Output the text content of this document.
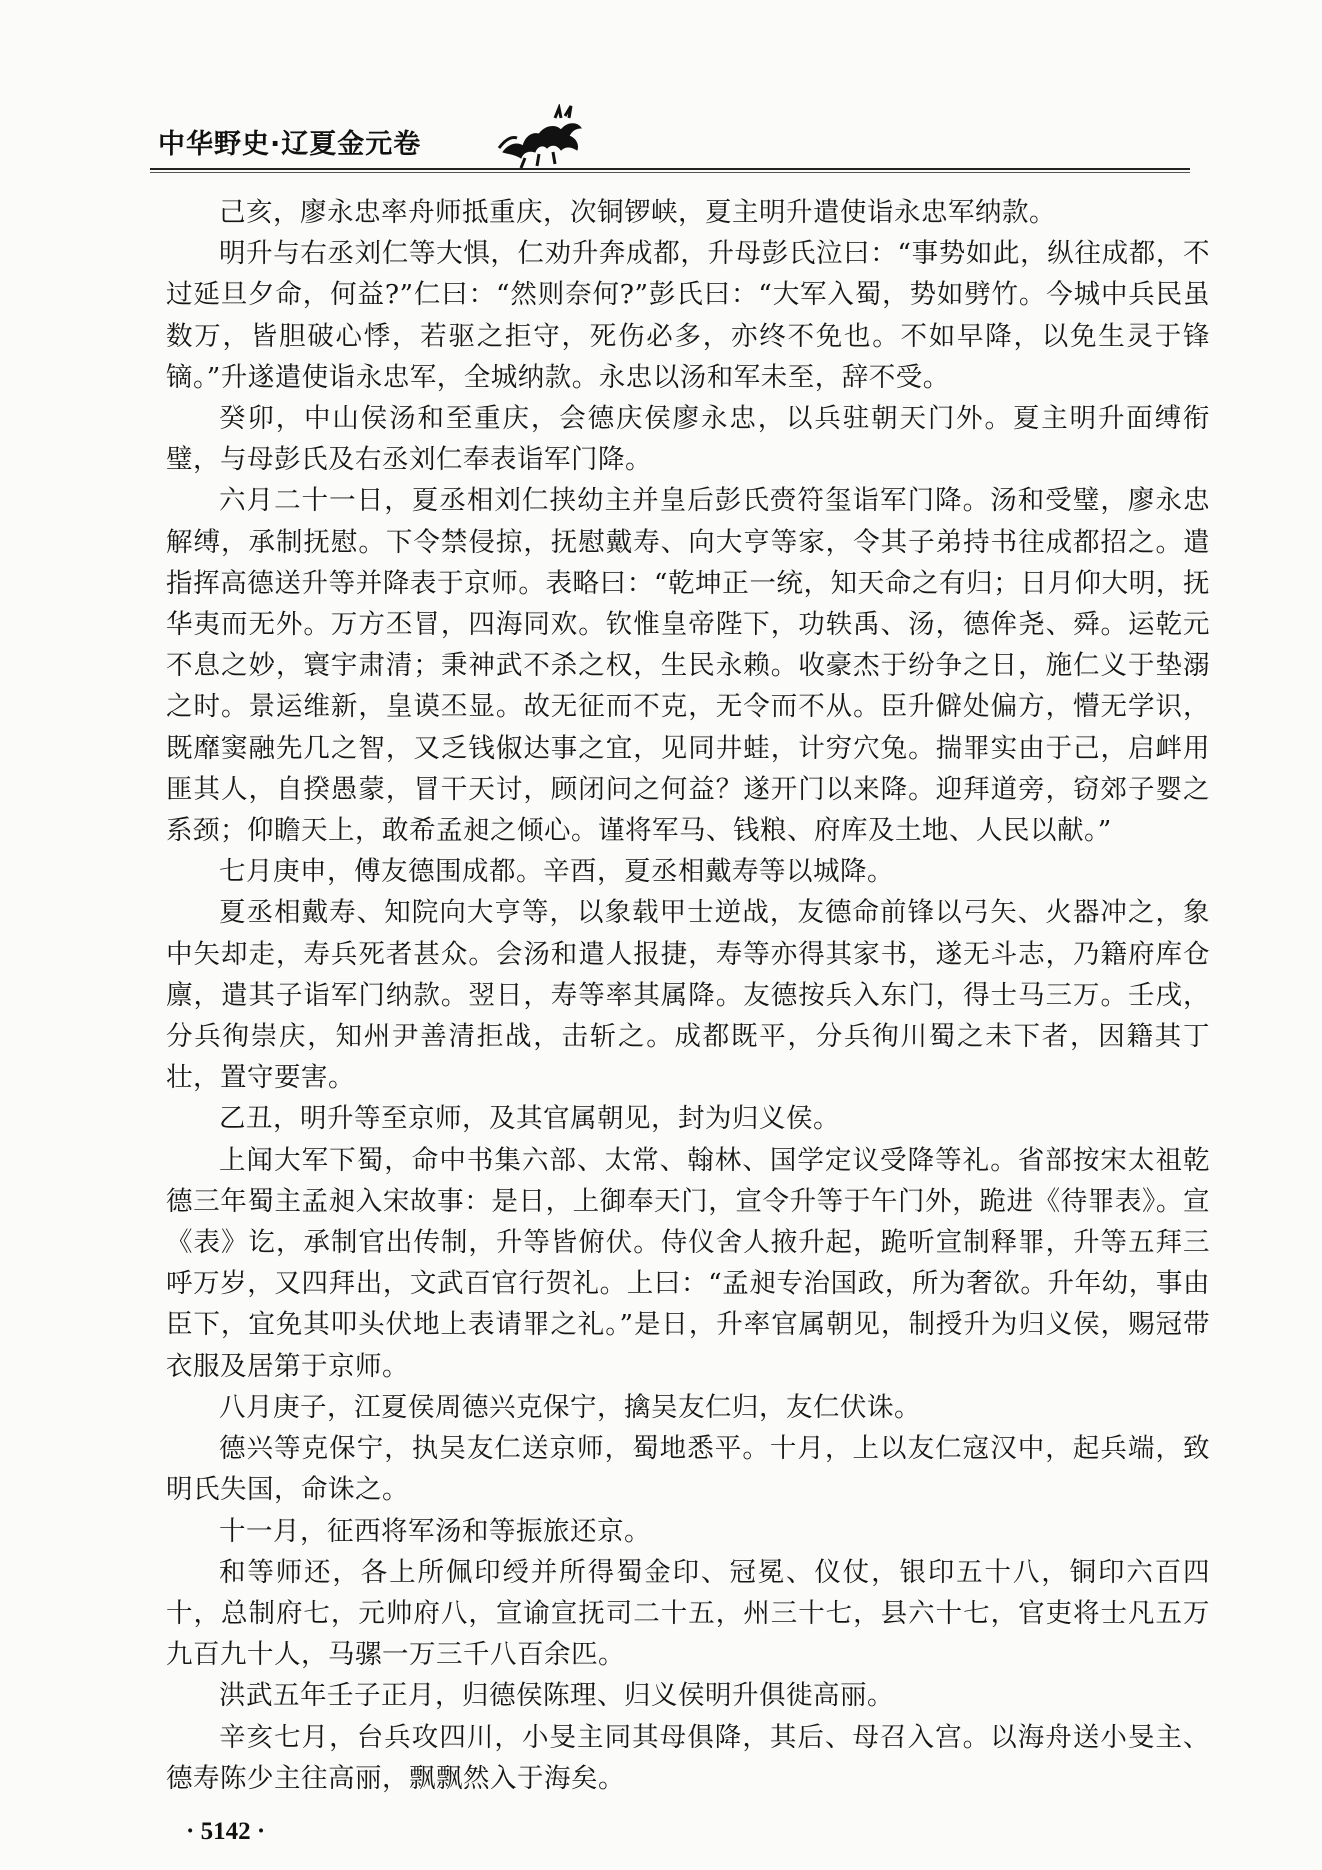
中华野史·辽夏金元卷

己亥，廖永忠率舟师抵重庆，次铜锣峡，夏主明升遣使诣永忠军纳款。

明升与右丞刘仁等大惧，仁劝升奔成都，升母彭氏泣曰：“事势如此，纵往成都，不过延旦夕命，何益?”仁曰：“然则奈何?”彭氏曰：“大军入蜀，势如劈竹。今城中兵民虽数万，皆胆破心悸，若驱之拒守，死伤必多，亦终不免也。不如早降，以免生灵于锋镝。”升遂遣使诣永忠军，全城纳款。永忠以汤和军未至，辞不受。

癸卯，中山侯汤和至重庆，会德庆侯廖永忠，以兵驻朝天门外。夏主明升面缚衔璧，与母彭氏及右丞刘仁奉表诣军门降。

六月二十一日，夏丞相刘仁挟幼主并皇后彭氏赍符玺诣军门降。汤和受璧，廖永忠解缚，承制抚慰。下令禁侵掠，抚慰戴寿、向大亨等家，令其子弟持书往成都招之。遣指挥高德送升等并降表于京师。表略曰：“乾坤正一统，知天命之有归；日月仰大明，抚华夷而无外。万方丕冒，四海同欢。钦惟皇帝陛下，功轶禹、汤，德侔尧、舜。运乾元不息之妙，寰宇肃清；秉神武不杀之权，生民永赖。收豪杰于纷争之日，施仁义于垫溺之时。景运维新，皇谟丕显。故无征而不克，无令而不从。臣升僻处偏方，懵无学识，既靡窦融先几之智，又乏钱俶达事之宜，见同井蛙，计穷穴兔。揣罪实由于己，启衅用匪其人，自揆愚蒙，冒干天讨，顾闭问之何益？遂开门以来降。迎拜道旁，窃郊子婴之系颈；仰瞻天上，敢希孟昶之倾心。谨将军马、钱粮、府库及土地、人民以献。”

七月庚申，傅友德围成都。辛酉，夏丞相戴寿等以城降。

夏丞相戴寿、知院向大亨等，以象载甲士逆战，友德命前锋以弓矢、火器冲之，象中矢却走，寿兵死者甚众。会汤和遣人报捷，寿等亦得其家书，遂无斗志，乃籍府库仓廪，遣其子诣军门纳款。翌日，寿等率其属降。友德按兵入东门，得士马三万。壬戌，分兵徇崇庆，知州尹善清拒战，击斩之。成都既平，分兵徇川蜀之未下者，因籍其丁壮，置守要害。

乙丑，明升等至京师，及其官属朝见，封为归义侯。

上闻大军下蜀，命中书集六部、太常、翰林、国学定议受降等礼。省部按宋太祖乾德三年蜀主孟昶入宋故事：是日，上御奉天门，宣令升等于午门外，跪进《待罪表》。宣《表》讫，承制官出传制，升等皆俯伏。侍仪舍人掖升起，跪听宣制释罪，升等五拜三呼万岁，又四拜出，文武百官行贺礼。上曰：“孟昶专治国政，所为奢欲。升年幼，事由臣下，宜免其叩头伏地上表请罪之礼。”是日，升率官属朝见，制授升为归义侯，赐冠带衣服及居第于京师。

八月庚子，江夏侯周德兴克保宁，擒吴友仁归，友仁伏诛。

德兴等克保宁，执吴友仁送京师，蜀地悉平。十月，上以友仁寇汉中，起兵端，致明氏失国，命诛之。

十一月，征西将军汤和等振旅还京。

和等师还，各上所佩印绶并所得蜀金印、冠冕、仪仗，银印五十八，铜印六百四十，总制府七，元帅府八，宣谕宣抚司二十五，州三十七，县六十七，官吏将士凡五万九百九十人，马骡一万三千八百余匹。

洪武五年壬子正月，归德侯陈理、归义侯明升俱徙高丽。

辛亥七月，台兵攻四川，小旻主同其母俱降，其后、母召入宫。以海舟送小旻主、德寿陈少主往高丽，飘飘然入于海矣。

· 5142 ·
